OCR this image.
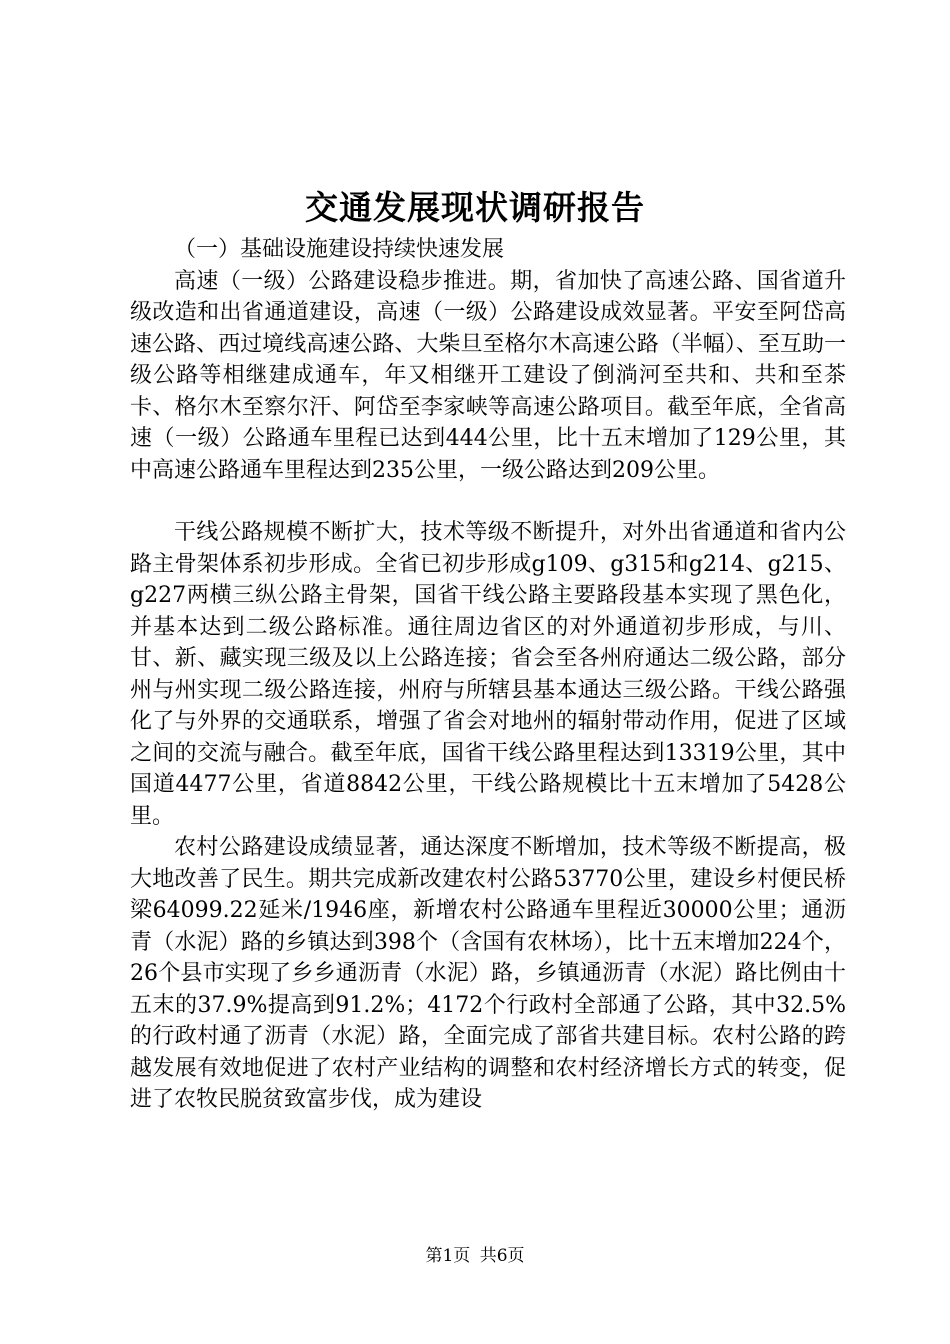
交通发展现状调研报告

（一）基础设施建设持续快速发展

高速（一级）公路建设稳步推进。期，省加快了高速公路、国省道升级改造和出省通道建设，高速（一级）公路建设成效显著。平安至阿岱高速公路、西过境线高速公路、大柴旦至格尔木高速公路（半幅）、至互助一级公路等相继建成通车，年又相继开工建设了倒淌河至共和、共和至茶卡、格尔木至察尔汗、阿岱至李家峡等高速公路项目。截至年底，全省高速（一级）公路通车里程已达到444公里，比十五末增加了129公里，其中高速公路通车里程达到235公里，一级公路达到209公里。

干线公路规模不断扩大，技术等级不断提升，对外出省通道和省内公路主骨架体系初步形成。全省已初步形成g109、g315和g214、g215、g227两横三纵公路主骨架，国省干线公路主要路段基本实现了黑色化，并基本达到二级公路标准。通往周边省区的对外通道初步形成，与川、甘、新、藏实现三级及以上公路连接；省会至各州府通达二级公路，部分州与州实现二级公路连接，州府与所辖县基本通达三级公路。干线公路强化了与外界的交通联系，增强了省会对地州的辐射带动作用，促进了区域之间的交流与融合。截至年底，国省干线公路里程达到13319公里，其中国道4477公里，省道8842公里，干线公路规模比十五末增加了5428公里。

农村公路建设成绩显著，通达深度不断增加，技术等级不断提高，极大地改善了民生。期共完成新改建农村公路53770公里，建设乡村便民桥梁64099.22延米/1946座，新增农村公路通车里程近30000公里；通沥青（水泥）路的乡镇达到398个（含国有农林场），比十五末增加224个，26个县市实现了乡乡通沥青（水泥）路，乡镇通沥青（水泥）路比例由十五末的37.9%提高到91.2%；4172个行政村全部通了公路，其中32.5%的行政村通了沥青（水泥）路，全面完成了部省共建目标。农村公路的跨越发展有效地促进了农村产业结构的调整和农村经济增长方式的转变，促进了农牧民脱贫致富步伐，成为建设

第1页 共6页
